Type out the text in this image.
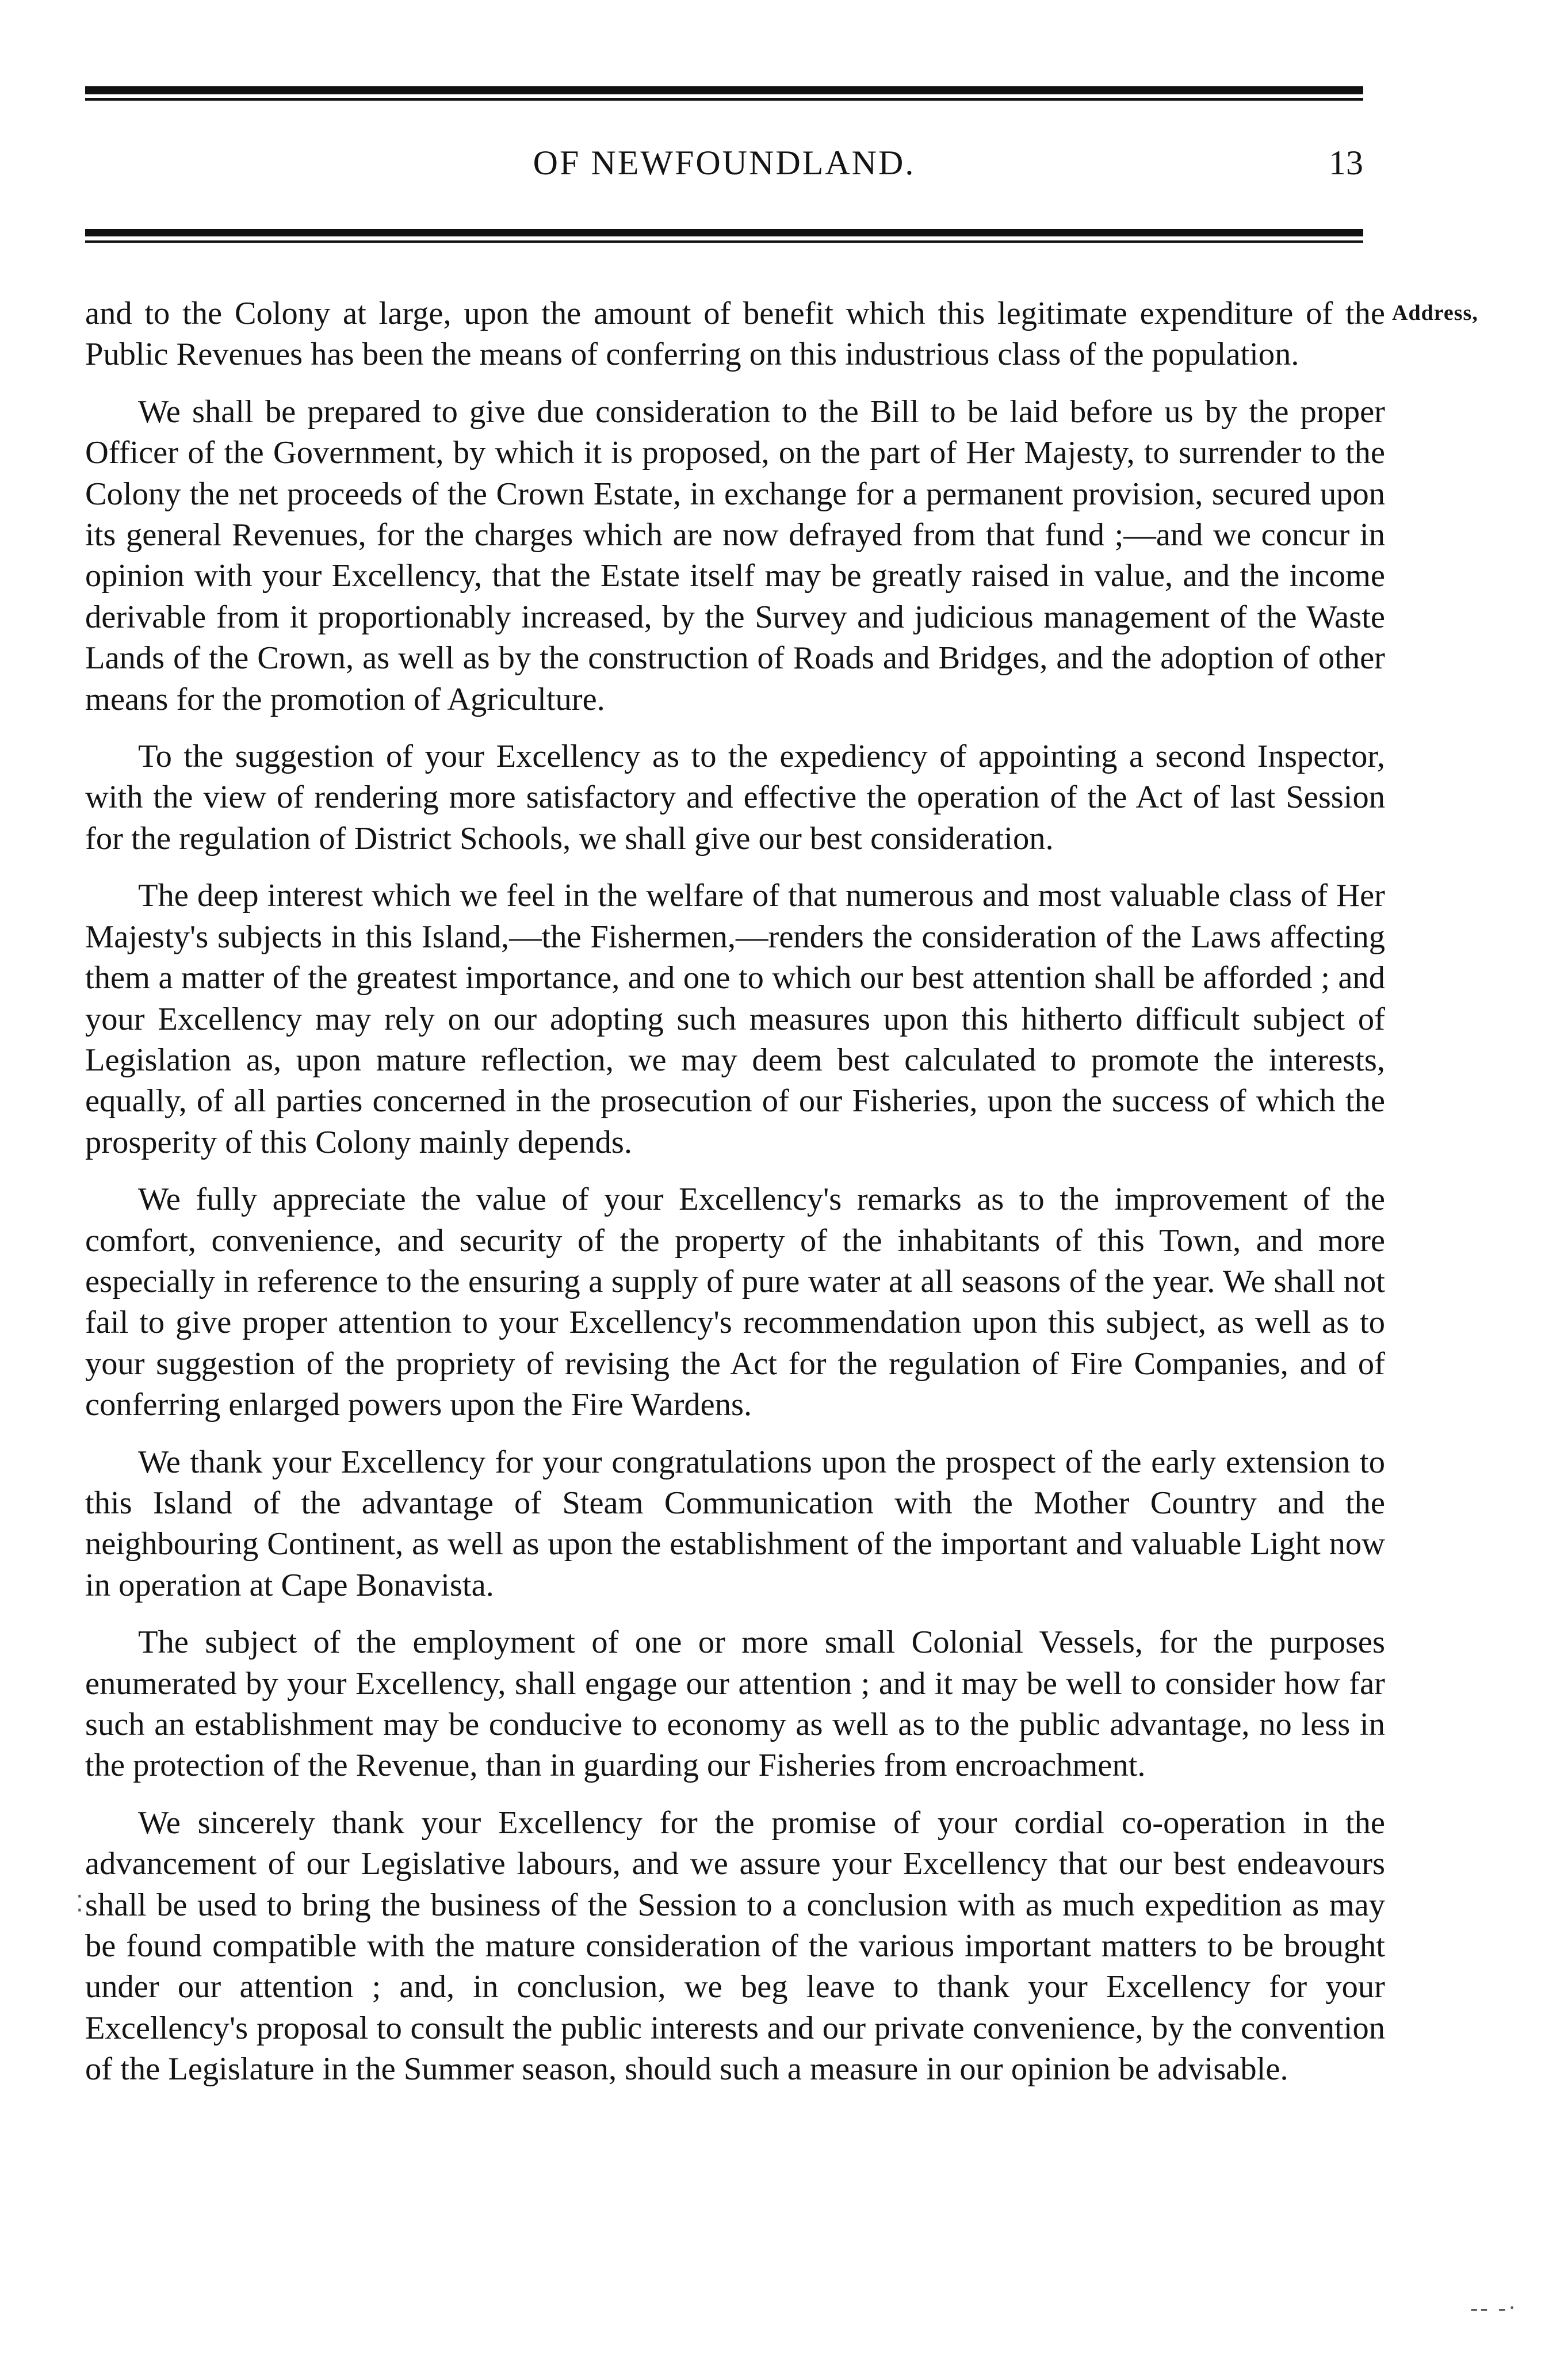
OF NEWFOUNDLAND.	13
Address,

and to the Colony at large, upon the amount of benefit which this legitimate expenditure of the Public Revenues has been the means of conferring on this industrious class of the population.

We shall be prepared to give due consideration to the Bill to be laid before us by the proper Officer of the Government, by which it is proposed, on the part of Her Majesty, to surrender to the Colony the net proceeds of the Crown Estate, in exchange for a permanent provision, secured upon its general Revenues, for the charges which are now defrayed from that fund ;—and we concur in opinion with your Excellency, that the Estate itself may be greatly raised in value, and the income derivable from it proportionably increased, by the Survey and judicious management of the Waste Lands of the Crown, as well as by the construction of Roads and Bridges, and the adoption of other means for the promotion of Agriculture.

To the suggestion of your Excellency as to the expediency of appointing a second Inspector, with the view of rendering more satisfactory and effective the operation of the Act of last Session for the regulation of District Schools, we shall give our best consideration.

The deep interest which we feel in the welfare of that numerous and most valuable class of Her Majesty's subjects in this Island,—the Fishermen,—renders the consideration of the Laws affecting them a matter of the greatest importance, and one to which our best attention shall be afforded ; and your Excellency may rely on our adopting such measures upon this hitherto difficult subject of Legislation as, upon mature reflection, we may deem best calculated to promote the interests, equally, of all parties concerned in the prosecution of our Fisheries, upon the success of which the prosperity of this Colony mainly depends.

We fully appreciate the value of your Excellency's remarks as to the improvement of the comfort, convenience, and security of the property of the inhabitants of this Town, and more especially in reference to the ensuring a supply of pure water at all seasons of the year. We shall not fail to give proper attention to your Excellency's recommendation upon this subject, as well as to your suggestion of the propriety of revising the Act for the regulation of Fire Companies, and of conferring enlarged powers upon the Fire Wardens.

We thank your Excellency for your congratulations upon the prospect of the early extension to this Island of the advantage of Steam Communication with the Mother Country and the neighbouring Continent, as well as upon the establishment of the important and valuable Light now in operation at Cape Bonavista.

The subject of the employment of one or more small Colonial Vessels, for the purposes enumerated by your Excellency, shall engage our attention ; and it may be well to consider how far such an establishment may be conducive to economy as well as to the public advantage, no less in the protection of the Revenue, than in guarding our Fisheries from encroachment.

We sincerely thank your Excellency for the promise of your cordial co-operation in the advancement of our Legislative labours, and we assure your Excellency that our best endeavours shall be used to bring the business of the Session to a conclusion with as much expedition as may be found compatible with the mature consideration of the various important matters to be brought under our attention ; and, in conclusion, we beg leave to thank your Excellency for your Excellency's proposal to consult the public interests and our private convenience, by the convention of the Legislature in the Summer season, should such a measure in our opinion be advisable.

⁚
-- -·
